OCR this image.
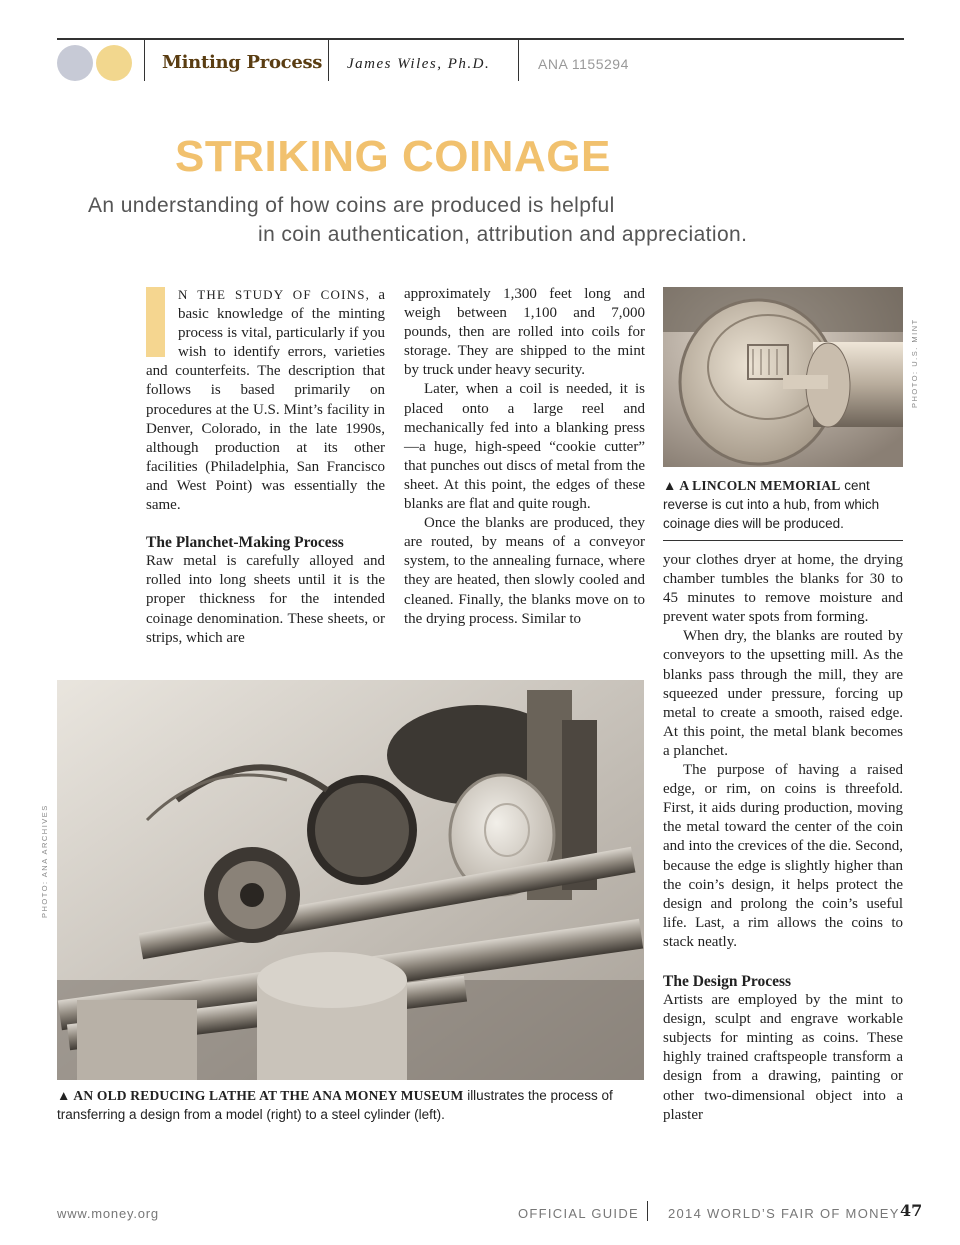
Minting Process James Wiles, Ph.D.	ANA 1155294
STRIKING COINAGE
An understanding of how coins are produced is helpful
in coin authentication, attribution and appreciation.

N THE STUDY OF COINS, a basic knowledge of the minting process is vital, particularly if you wish to identify errors, varieties and counterfeits. The description that follows is based primarily on procedures at the U.S. Mint’s facility in Denver, Colorado, in the late 1990s, although production at its other facilities (Philadelphia, San Francisco and West Point) was essentially the same.

The Planchet-Making Process

Raw metal is carefully alloyed and rolled into long sheets until it is the proper thickness for the intended coinage denomination. These sheets, or strips, which are

approximately 1,300 feet long and weigh between 1,100 and 7,000 pounds, then are rolled into coils for storage. They are shipped to the mint by truck under heavy security.

Later, when a coil is needed, it is placed onto a large reel and mechanically fed into a blanking press—a huge, high-speed “cookie cutter” that punches out discs of metal from the sheet. At this point, the edges of these blanks are flat and quite rough.

Once the blanks are produced, they are routed, by means of a conveyor system, to the annealing furnace, where they are heated, then slowly cooled and cleaned. Finally, the blanks move on to the drying process. Similar to

PHOTO: U.S. MINT
▲ A LINCOLN MEMORIAL cent reverse is cut into a hub, from which coinage dies will be produced.

your clothes dryer at home, the drying chamber tumbles the blanks for 30 to 45 minutes to remove moisture and prevent water spots from forming.

When dry, the blanks are routed by conveyors to the upsetting mill. As the blanks pass through the mill, they are squeezed under pressure, forcing up metal to create a smooth, raised edge. At this point, the metal blank becomes a planchet.

The purpose of having a raised edge, or rim, on coins is threefold. First, it aids during production, moving the metal toward the center of the coin and into the crevices of the die. Second, because the edge is slightly higher than the coin’s design, it helps protect the design and prolong the coin’s useful life. Last, a rim allows the coins to stack neatly.

The Design Process

Artists are employed by the mint to design, sculpt and engrave workable subjects for minting as coins. These highly trained craftspeople transform a design from a drawing, painting or other two-dimensional object into a plaster

PHOTO: ANA ARCHIVES
▲ AN OLD REDUCING LATHE AT THE ANA MONEY MUSEUM illustrates the process of transferring a design from a model (right) to a steel cylinder (left).
www.money.org	OFFICIAL GUIDE 2014 WORLD’S FAIR OF MONEY 47
